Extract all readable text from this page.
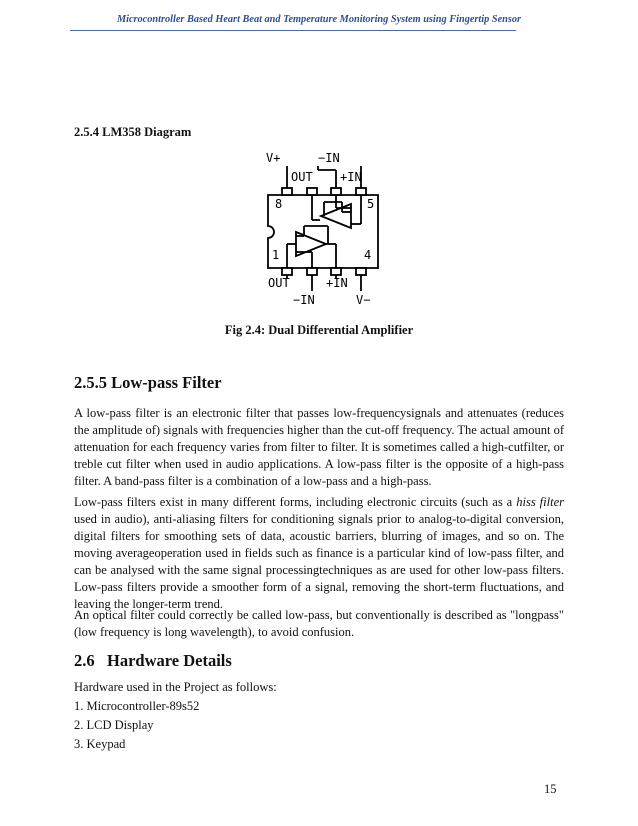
Microcontroller Based Heart Beat and Temperature Monitoring System using Fingertip Sensor
2.5.4 LM358 Diagram
V+	−IN
OUT +IN
8	5
1	4
OUT	+IN
−IN	V−
Fig 2.4: Dual Differential Amplifier
2.5.5 Low-pass Filter

A low-pass filter is an electronic filter that passes low-frequencysignals and attenuates (reduces the amplitude of) signals with frequencies higher than the cut-off frequency. The actual amount of attenuation for each frequency varies from filter to filter. It is sometimes called a high-cutfilter, or treble cut filter when used in audio applications. A low-pass filter is the opposite of a high-pass filter. A band-pass filter is a combination of a low-pass and a high-pass.

Low-pass filters exist in many different forms, including electronic circuits (such as a hiss filter used in audio), anti-aliasing filters for conditioning signals prior to analog-to-digital conversion, digital filters for smoothing sets of data, acoustic barriers, blurring of images, and so on. The moving averageoperation used in fields such as finance is a particular kind of low-pass filter, and can be analysed with the same signal processingtechniques as are used for other low-pass filters. Low-pass filters provide a smoother form of a signal, removing the short-term fluctuations, and leaving the longer-term trend.

An optical filter could correctly be called low-pass, but conventionally is described as "longpass" (low frequency is long wavelength), to avoid confusion.

2.6   Hardware Details

Hardware used in the Project as follows:

1. Microcontroller-89s52

2. LCD Display

3. Keypad

15
